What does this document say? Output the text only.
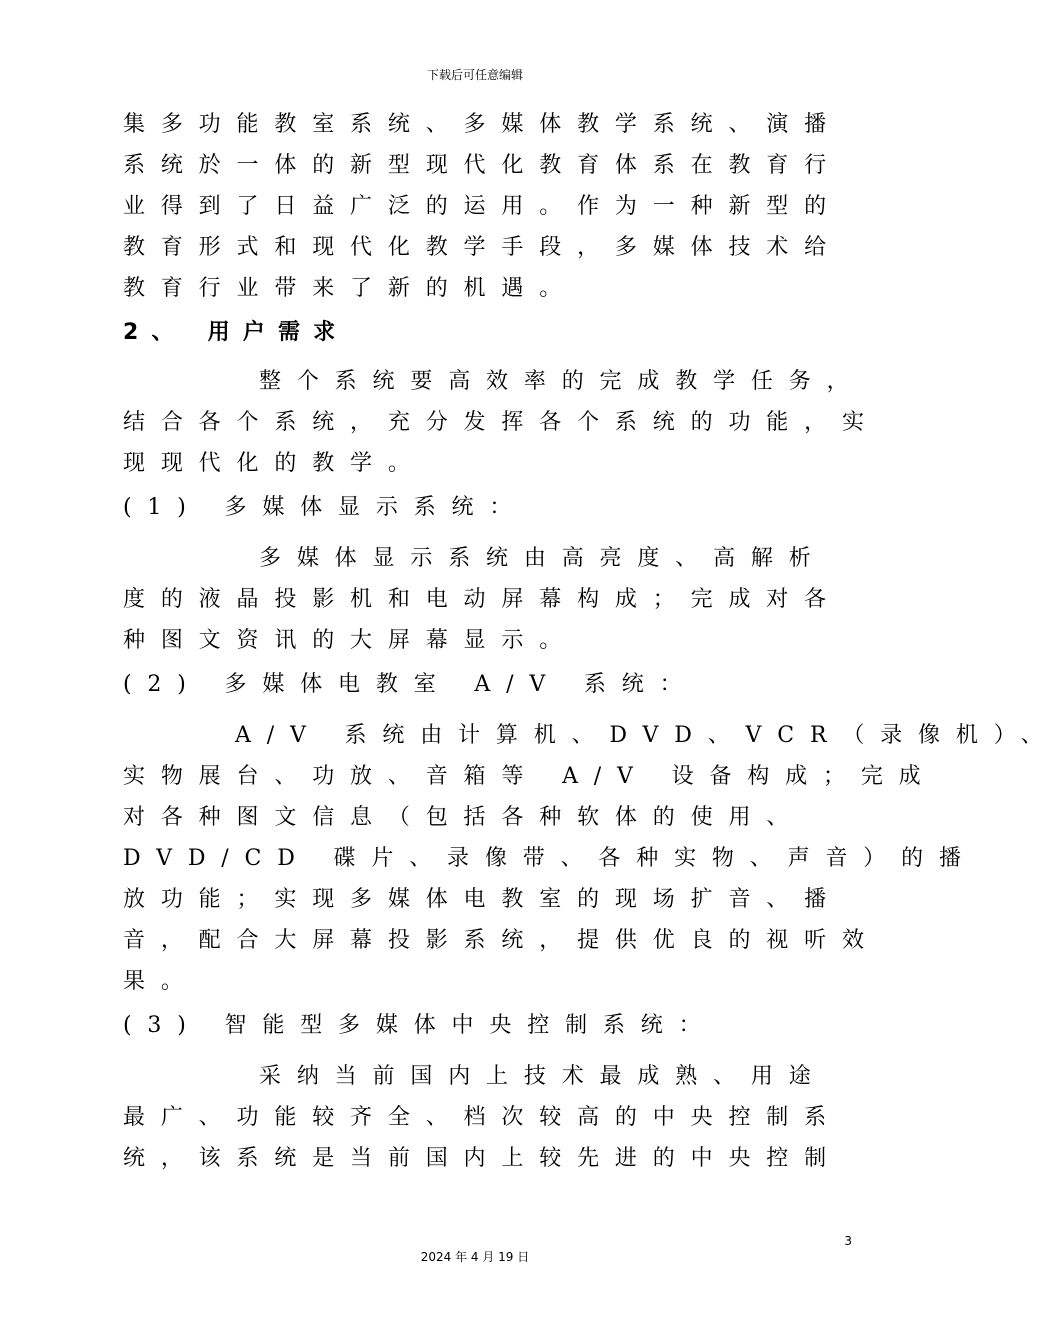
下载后可任意编辑
集多功能教室系统、多媒体教学系统、演播
系统於一体的新型现代化教育体系在教育行
业得到了日益广泛的运用。作为一种新型的
教育形式和现代化教学手段，多媒体技术给
教育行业带来了新的机遇。
2、 用户需求
整个系统要高效率的完成教学任务，
结合各个系统，充分发挥各个系统的功能，实
现现代化的教学。
(1) 多媒体显示系统：
多媒体显示系统由高亮度、高解析
度的液晶投影机和电动屏幕构成；完成对各
种图文资讯的大屏幕显示。
(2) 多媒体电教室 A/V 系统：
A/V 系统由计算机、DVD、VCR（录像机）、
实物展台、功放、音箱等 A/V 设备构成；完成
对各种图文信息（包括各种软体的使用、
DVD/CD 碟片、录像带、各种实物、声音）的播
放功能；实现多媒体电教室的现场扩音、播
音，配合大屏幕投影系统，提供优良的视听效
果。
(3) 智能型多媒体中央控制系统：
采纳当前国内上技术最成熟、用途
最广、功能较齐全、档次较高的中央控制系
统，该系统是当前国内上较先进的中央控制
3
2024 年 4 月 19 日
